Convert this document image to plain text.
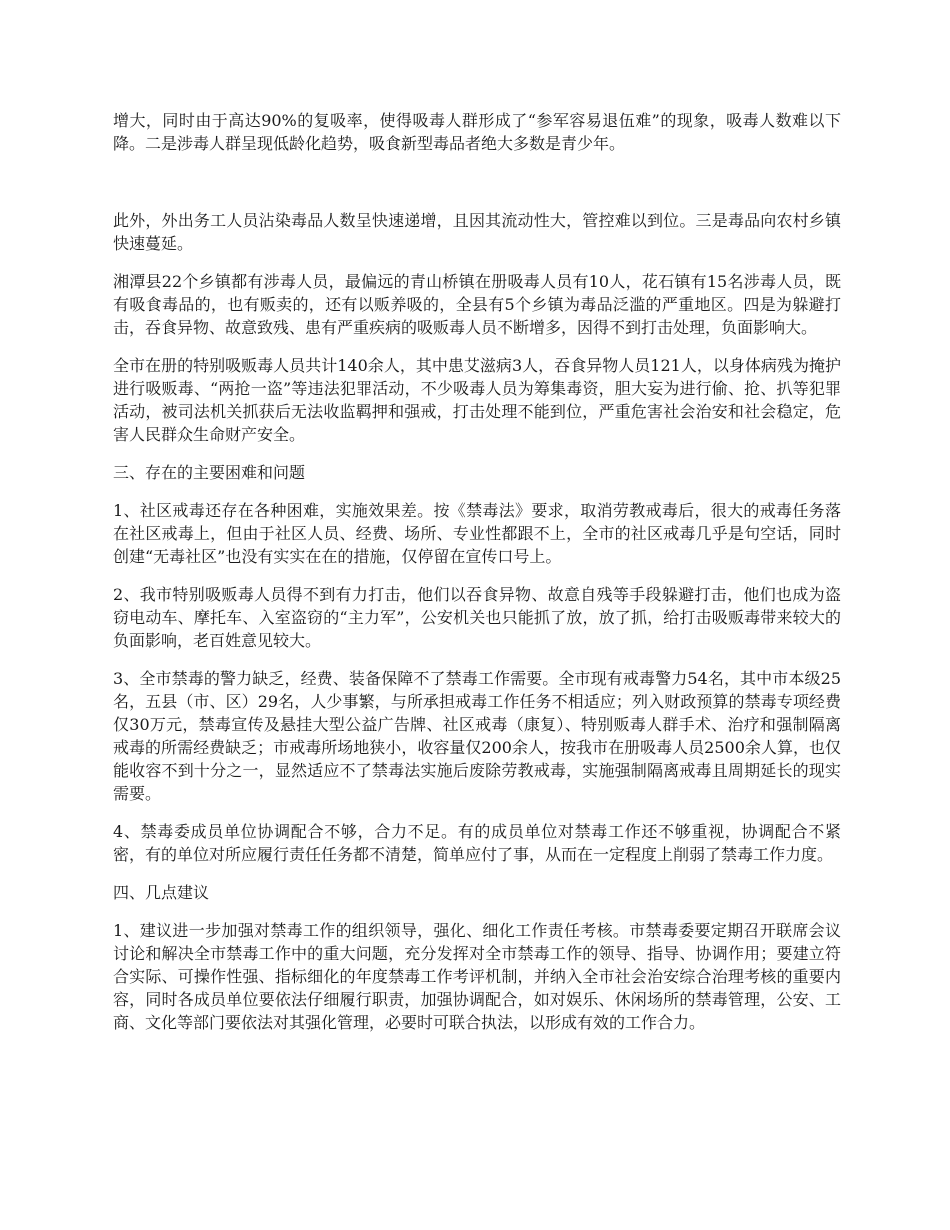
增大，同时由于高达90%的复吸率，使得吸毒人群形成了“参军容易退伍难”的现象，吸毒人数难以下降。二是涉毒人群呈现低龄化趋势，吸食新型毒品者绝大多数是青少年。

此外，外出务工人员沾染毒品人数呈快速递增，且因其流动性大，管控难以到位。三是毒品向农村乡镇快速蔓延。

湘潭县22个乡镇都有涉毒人员，最偏远的青山桥镇在册吸毒人员有10人，花石镇有15名涉毒人员，既有吸食毒品的，也有贩卖的，还有以贩养吸的，全县有5个乡镇为毒品泛滥的严重地区。四是为躲避打击，吞食异物、故意致残、患有严重疾病的吸贩毒人员不断增多，因得不到打击处理，负面影响大。

全市在册的特别吸贩毒人员共计140余人，其中患艾滋病3人，吞食异物人员121人，以身体病残为掩护进行吸贩毒、“两抢一盗”等违法犯罪活动，不少吸毒人员为筹集毒资，胆大妄为进行偷、抢、扒等犯罪活动，被司法机关抓获后无法收监羁押和强戒，打击处理不能到位，严重危害社会治安和社会稳定，危害人民群众生命财产安全。

三、存在的主要困难和问题

1、社区戒毒还存在各种困难，实施效果差。按《禁毒法》要求，取消劳教戒毒后，很大的戒毒任务落在社区戒毒上，但由于社区人员、经费、场所、专业性都跟不上，全市的社区戒毒几乎是句空话，同时创建“无毒社区”也没有实实在在的措施，仅停留在宣传口号上。

2、我市特别吸贩毒人员得不到有力打击，他们以吞食异物、故意自残等手段躲避打击，他们也成为盗窃电动车、摩托车、入室盗窃的“主力军”，公安机关也只能抓了放，放了抓，给打击吸贩毒带来较大的负面影响，老百姓意见较大。

3、全市禁毒的警力缺乏，经费、装备保障不了禁毒工作需要。全市现有戒毒警力54名，其中市本级25名，五县（市、区）29名，人少事繁，与所承担戒毒工作任务不相适应；列入财政预算的禁毒专项经费仅30万元，禁毒宣传及悬挂大型公益广告牌、社区戒毒（康复）、特别贩毒人群手术、治疗和强制隔离戒毒的所需经费缺乏；市戒毒所场地狭小，收容量仅200余人，按我市在册吸毒人员2500余人算，也仅能收容不到十分之一，显然适应不了禁毒法实施后废除劳教戒毒，实施强制隔离戒毒且周期延长的现实需要。

4、禁毒委成员单位协调配合不够，合力不足。有的成员单位对禁毒工作还不够重视，协调配合不紧密，有的单位对所应履行责任任务都不清楚，简单应付了事，从而在一定程度上削弱了禁毒工作力度。

四、几点建议

1、建议进一步加强对禁毒工作的组织领导，强化、细化工作责任考核。市禁毒委要定期召开联席会议讨论和解决全市禁毒工作中的重大问题，充分发挥对全市禁毒工作的领导、指导、协调作用；要建立符合实际、可操作性强、指标细化的年度禁毒工作考评机制，并纳入全市社会治安综合治理考核的重要内容，同时各成员单位要依法仔细履行职责，加强协调配合，如对娱乐、休闲场所的禁毒管理，公安、工商、文化等部门要依法对其强化管理，必要时可联合执法，以形成有效的工作合力。
